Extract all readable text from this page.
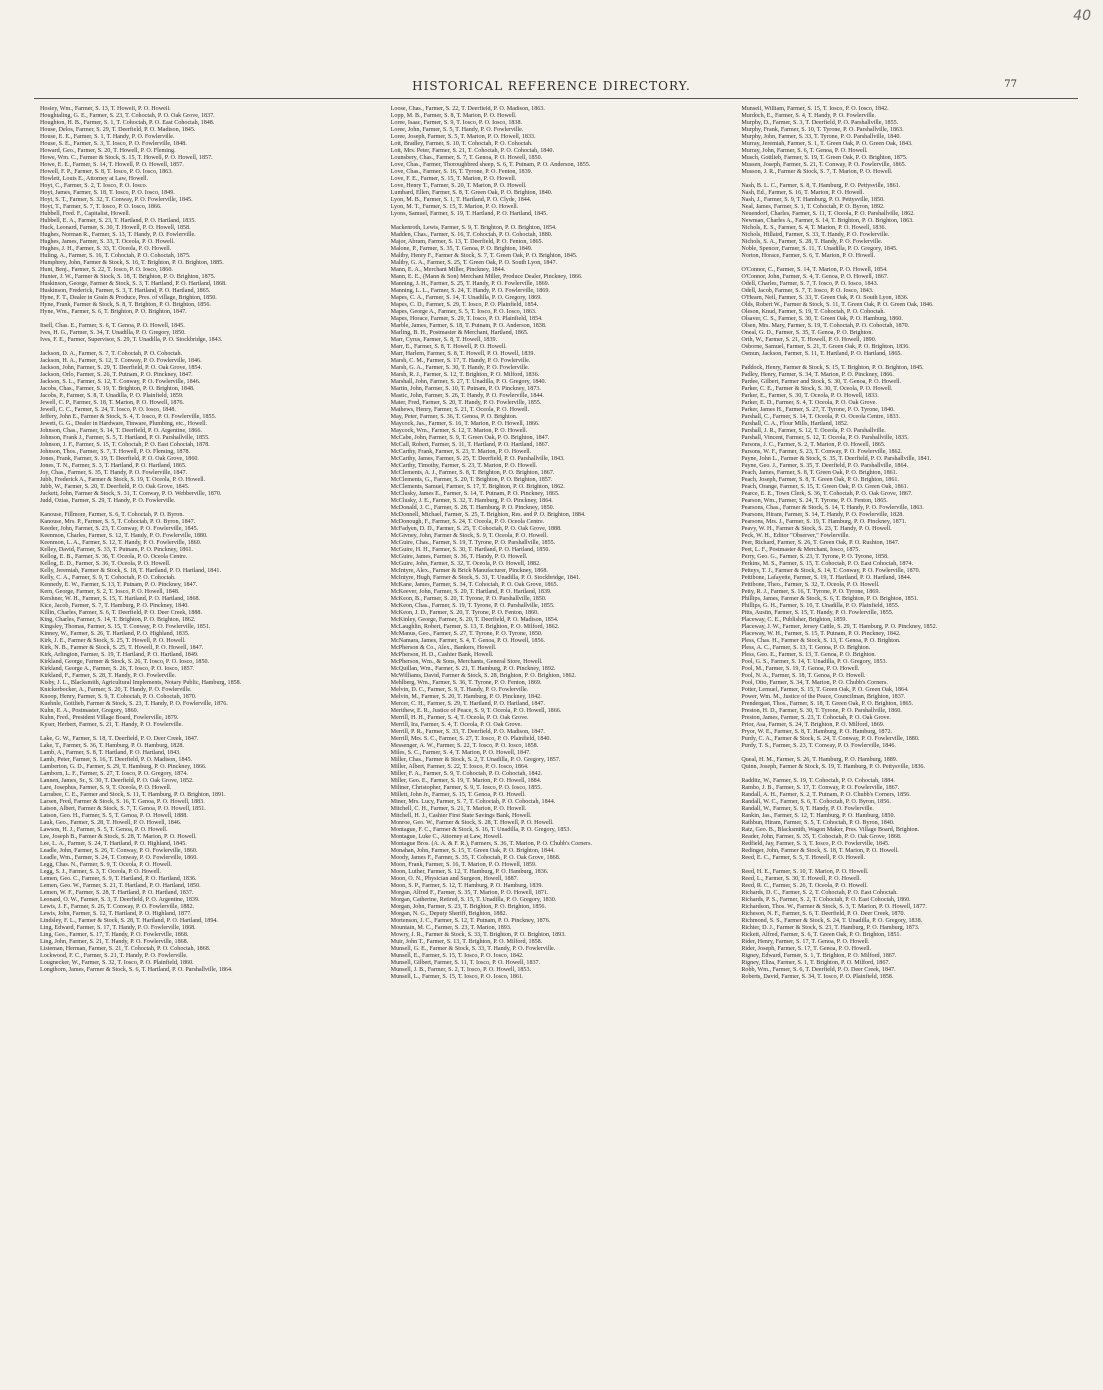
40
HISTORICAL REFERENCE DIRECTORY.	77

Hosley, Wm., Farmer, S. 13, T. Howell, P. O. Howell.

Houghtaling, G. E., Farmer, S. 23, T. Cohoctah, P. O. Oak Grove, 1837.

Houghton, H. B., Farmer, S. 1, T. Cohoctah, P. O. East Cohoctah, 1848.

House, Delos, Farmer, S. 29, T. Deerfield, P. O. Madison, 1845.

House, E. E., Farmer, S. 1, T. Handy, P. O. Fowlerville.

House, S. E., Farmer, S. 3, T. Iosco, P. O. Fowlerville, 1848.

Howard, Geo., Farmer, S. 20, T. Howell, P. O. Fleming.

Howe, Wm. C., Farmer & Stock, S. 15, T. Howell, P. O. Howell, 1857.

Howe, E. E., Farmer, S. 14, T. Howell, P. O. Howell, 1857.

Howell, F. P., Farmer, S. 8, T. Iosco, P. O. Iosco, 1863.

Howlett, Louis E., Attorney at Law, Howell.

Hoyt, C., Farmer, S. 2, T. Iosco, P. O. Iosco.

Hoyt, James, Farmer, S. 18, T. Iosco, P. O. Iosco, 1849.

Hoyt, S. T., Farmer, S. 32, T. Conway, P. O. Fowlerville, 1845.

Hoyt, T., Farmer, S. 7, T. Iosco, P. O. Iosco, 1866.

Hubbell, Fred. F., Capitalist, Howell.

Hubbell, E. A., Farmer, S. 23, T. Hartland, P. O. Hartland, 1835.

Huck, Leonard, Farmer, S. 30, T. Howell, P. O. Howell, 1858.

Hughes, Norman R., Farmer, S. 13, T. Handy, P. O. Fowlerville.

Hughes, James, Farmer, S. 33, T. Oceola, P. O. Howell.

Hughes, J. H., Farmer, S. 33, T. Oceola, P. O. Howell.

Huling, A., Farmer, S. 16, T. Cohoctah, P. O. Cohoctah, 1875.

Humphrey, John, Farmer & Stock, S. 16, T. Brighton, P. O. Brighton, 1885.

Hunt, Benj., Farmer, S. 22, T. Iosco, P. O. Iosco, 1860.

Hunter, J. W., Farmer & Stock, S. 18, T. Brighton, P. O. Brighton, 1875.

Huskinson, George, Farmer & Stock, S. 3, T. Hartland, P. O. Hartland, 1868.

Huskinson, Frederick, Farmer, S. 3, T. Hartland, P. O. Hartland, 1865.

Hyne, F. T., Dealer in Grain & Produce, Pres. of village, Brighton, 1850.

Hyne, Frank, Farmer & Stock, S. 8, T. Brighton, P. O. Brighton, 1856.

Hyne, Wm., Farmer, S. 6, T. Brighton, P. O. Brighton, 1847.

Itsell, Chas. E., Farmer, S. 6, T. Genoa, P. O. Howell, 1845.

Ives, H. G., Farmer, S. 34, T. Unadilla, P. O. Gregory, 1850.

Ives, F. E., Farmer, Supervisor, S. 29, T. Unadilla, P. O. Stockbridge, 1843.

Jackson, D. A., Farmer, S. 7, T. Cohoctah, P. O. Cohoctah.

Jackson, H. A., Farmer, S. 12, T. Conway, P. O. Fowlerville, 1846.

Jackson, John, Farmer, S. 29, T. Deerfield, P. O. Oak Grove, 1854.

Jackson, Orlo, Farmer, S. 26, T. Putnam, P. O. Pinckney, 1847.

Jackson, S. L., Farmer, S. 12, T. Conway, P. O. Fowlerville, 1846.

Jacobs, Chas., Farmer, S. 19, T. Brighton, P. O. Brighton, 1848.

Jacobs, P., Farmer, S. 8, T. Unadilla, P. O. Plainfield, 1859.

Jewell, C. P., Farmer, S. 18, T. Marion, P. O. Howell, 1876.

Jewell, C. C., Farmer, S. 24, T. Iosco, P. O. Iosco, 1848.

Jeffery, John E., Farmer & Stock, S. 4, T. Iosco, P. O. Fowlerville, 1855.

Jewett, G. G., Dealer in Hardware, Tinware, Plumbing, etc., Howell.

Johnson, Chas., Farmer, S. 14, T. Deerfield, P. O. Argentine, 1866.

Johnson, Frank J., Farmer, S. 5, T. Hartland, P. O. Parshallville, 1855.

Johnson, J. F., Farmer, S. 15, T. Cohoctah, P. O. East Cohoctah, 1878.

Johnson, Thos., Farmer, S. 7, T. Howell, P. O. Fleming, 1878.

Jones, Frank, Farmer, S. 19, T. Deerfield, P. O. Oak Grove, 1860.

Jones, T. N., Farmer, S. 3, T. Hartland, P. O. Hartland, 1865.

Joy, Chas., Farmer, S. 35, T. Handy, P. O. Fowlerville, 1847.

Jubb, Frederick A., Farmer & Stock, S. 19, T. Oceola, P. O. Howell.

Jubb, W., Farmer, S. 20, T. Deerfield, P. O. Oak Grove, 1845.

Juckett, John, Farmer & Stock, S. 31, T. Conway, P. O. Webberville, 1870.

Judd, Ozias, Farmer, S. 29, T. Handy, P. O. Fowlerville.

Kanouse, Fillmore, Farmer, S. 6, T. Cohoctah, P. O. Byron.

Kanouse, Mrs. P., Farmer, S. 5, T. Cohoctah, P. O. Byron, 1847.

Keeder, John, Farmer, S. 23, T. Conway, P. O. Fowlerville, 1845.

Keenmon, Charles, Farmer, S. 12, T. Handy, P. O. Fowlerville, 1880.

Keenmon, L. A., Farmer, S. 12, T. Handy, P. O. Fowlerville, 1860.

Kelley, David, Farmer, S. 33, T. Putnam, P. O. Pinckney, 1861.

Kellog, E. B., Farmer, S. 36, T. Oceola, P. O. Oceola Centre.

Kellog, E. D., Farmer, S. 36, T. Oceola, P. O. Howell.

Kelly, Jeremiah, Farmer & Stock, S. 18, T. Hartland, P. O. Hartland, 1841.

Kelly, C. A., Farmer, S. 9, T. Cohoctah, P. O. Cohoctah.

Kennedy, E. W., Farmer, S. 13, T. Putnam, P. O. Pinckney, 1847.

Kern, George, Farmer, S. 2, T. Iosco, P. O. Howell, 1848.

Kershner, W. H., Farmer, S. 15, T. Hartland, P. O. Hartland, 1868.

Kice, Jacob, Farmer, S. 7, T. Hamburg, P. O. Pinckney, 1840.

Killin, Charles, Farmer, S. 6, T. Deerfield, P. O. Deer Creek, 1888.

King, Charles, Farmer, S. 14, T. Brighton, P. O. Brighton, 1862.

Kingsley, Thomas, Farmer, S. 15, T. Conway, P. O. Fowlerville, 1851.

Kinney, W., Farmer, S. 26, T. Hartland, P. O. Highland, 1835.

Kirk, J. E., Farmer & Stock, S. 25, T. Howell, P. O. Howell.

Kirk, N. B., Farmer & Stock, S. 25, T. Howell, P. O. Howell, 1847.

Kirk, Arlington, Farmer, S. 19, T. Hartland, P. O. Hartland, 1849.

Kirkland, George, Farmer & Stock, S. 26, T. Iosco, P. O. Iosco, 1850.

Kirkland, George A., Farmer, S. 26, T. Iosco, P. O. Iosco, 1857.

Kirkland, F., Farmer, S. 28, T. Handy, P. O. Fowlerville.

Kisby, J. L., Blacksmith, Agricultural Implements, Notary Public, Hamburg, 1858.

Knickerbocker, A., Farmer, S. 20, T. Handy, P. O. Fowlerville.

Knoop, Henry, Farmer, S. 9, T. Cohoctah, P. O. Cohoctah, 1870.

Kuehnle, Gottlieb, Farmer & Stock, S. 23, T. Handy, P. O. Fowlerville, 1876.

Kuhn, E. A., Postmaster, Gregory, 1860.

Kuhn, Fred., President Village Board, Fowlerville, 1879.

Kyser, Herbert, Farmer, S. 21, T. Handy, P. O. Fowlerville.

Lake, G. W., Farmer, S. 18, T. Deerfield, P. O. Deer Creek, 1847.

Lake, T., Farmer, S. 36, T. Hamburg, P. O. Hamburg, 1828.

Lamb, A., Farmer, S. 8, T. Hartland, P. O. Hartland, 1843.

Lamb, Peter, Farmer, S. 16, T. Deerfield, P. O. Madison, 1845.

Lamberton, G. D., Farmer, S. 29, T. Hamburg, P. O. Pinckney, 1866.

Lamborn, L. F., Farmer, S. 27, T. Iosco, P. O. Gregory, 1874.

Lannen, James, Sr., S. 30, T. Deerfield, P. O. Oak Grove, 1852.

Lare, Josephus, Farmer, S. 9, T. Oceola, P. O. Howell.

Larrabee, C. E., Farmer and Stock, S. 11, T. Hamburg, P. O. Brighton, 1891.

Larsen, Fred, Farmer & Stock, S. 16, T. Genoa, P. O. Howell, 1883.

Latson, Albert, Farmer & Stock, S. 7, T. Genoa, P. O. Howell, 1851.

Latson, Geo. H., Farmer, S. 5, T. Genoa, P. O. Howell, 1888.

Lauk, Geo., Farmer, S. 28, T. Howell, P. O. Howell, 1846.

Lawson, H. J., Farmer, S. 5, T. Genoa, P. O. Howell.

Lee, Joseph B., Farmer & Stock, S. 28, T. Marion, P. O. Howell.

Lee, L. A., Farmer, S. 24, T. Hartland, P. O. Highland, 1845.

Leadle, John, Farmer, S. 26, T. Conway, P. O. Fowlerville, 1860.

Leadle, Wm., Farmer, S. 24, T. Conway, P. O. Fowlerville, 1860.

Legg, Chas. N., Farmer, S. 9, T. Oceola, P. O. Howell.

Legg, S. J., Farmer, S. 3, T. Oceola, P. O. Howell.

Lemen, Geo. C., Farmer, S. 9, T. Hartland, P. O. Hartland, 1836.

Lemen, Geo. W., Farmer, S. 21, T. Hartland, P. O. Hartland, 1850.

Lemen, W. F., Farmer, S. 28, T. Hartland, P. O. Hartland, 1837.

Leonard, O. W., Farmer, S. 3, T. Deerfield, P. O. Argentine, 1839.

Lewis, J. F., Farmer, S. 26, T. Conway, P. O. Fowlerville, 1882.

Lewis, John, Farmer, S. 12, T. Hartland, P. O. Highland, 1877.

Lindsley, F. L., Farmer & Stock, S. 28, T. Hartland, P. O. Hartland, 1894.

Ling, Edward, Farmer, S. 17, T. Handy, P. O. Fowlerville, 1868.

Ling, Geo., Farmer, S. 17, T. Handy, P. O. Fowlerville, 1868.

Ling, John, Farmer, S. 21, T. Handy, P. O. Fowlerville, 1868.

Listeman, Herman, Farmer, S. 21, T. Cohoctah, P. O. Cohoctah, 1868.

Lockwood, F. C., Farmer, S. 21, T. Handy, P. O. Fowlerville.

Lougnecker, W., Farmer, S. 32, T. Iosco, P. O. Plainfield, 1860.

Longthorn, James, Farmer & Stock, S. 6, T. Hartland, P. O. Parshallville, 1864.

Loose, Chas., Farmer, S. 22, T. Deerfield, P. O. Madison, 1863.

Lopp, M. B., Farmer, S. 8, T. Marion, P. O. Howell.

Loree, Isaac, Farmer, S. 9, T. Iosco, P. O. Iosco, 1838.

Loree, John, Farmer, S. 5, T. Handy, P. O. Fowlerville.

Loree, Joseph, Farmer, S. 5, T. Marion, P. O. Howell, 1833.

Lott, Bradley, Farmer, S. 10, T. Cohoctah, P. O. Cohoctah.

Lott, Mrs. Peter, Farmer, S. 21, T. Cohoctah, P. O. Cohoctah, 1840.

Lounsbery, Chas., Farmer, S. 7, T. Genoa, P. O. Howell, 1850.

Love, Chas., Farmer, Thoroughbred sheep, S. 6, T. Putnam, P. O. Anderson, 1855.

Love, Chas., Farmer, S. 16, T. Tyrone, P. O. Fenton, 1839.

Love, F. E., Farmer, S. 15, T. Marion, P. O. Howell.

Love, Henry T., Farmer, S. 20, T. Marion, P. O. Howell.

Lumbard, Ellen, Farmer, S. 8, T. Green Oak, P. O. Brighton, 1840.

Lyon, M. B., Farmer, S. 1, T. Hartland, P. O. Clyde, 1844.

Lyon, M. T., Farmer, S. 15, T. Marion, P. O. Howell.

Lyons, Samuel, Farmer, S. 19, T. Hartland, P. O. Hartland, 1845.

Mackenroth, Lewis, Farmer, S. 9, T. Brighton, P. O. Brighton, 1854.

Madden, Chas., Farmer, S. 16, T. Cohoctah, P. O. Cohoctah, 1880.

Major, Abram, Farmer, S. 13, T. Deerfield, P. O. Fenton, 1865.

Malone, P., Farmer, S. 35, T. Genoa, P. O. Brighton, 1849.

Maltby, Henry F., Farmer & Stock, S. 7, T. Green Oak, P. O. Brighton, 1845.

Maltby, G. A., Farmer, S. 25, T. Green Oak, P. O. South Lyon, 1847.

Mann, E. A., Merchant Miller, Pinckney, 1844.

Mann, E. E., (Mann & Son) Merchant Miller, Produce Dealer, Pinckney, 1866.

Manning, J. H., Farmer, S. 25, T. Handy, P. O. Fowlerville, 1869.

Manning, L. L., Farmer, S. 24, T. Handy, P. O. Fowlerville, 1869.

Mapes, C. A., Farmer, S. 14, T. Unadilla, P. O. Gregory, 1869.

Mapes, C. D., Farmer, S. 29, T. Iosco, P. O. Plainfield, 1854.

Mapes, George A., Farmer, S. 5, T. Iosco, P. O. Iosco, 1863.

Mapes, Horace, Farmer, S. 29, T. Iosco, P. O. Plainfield, 1854.

Marble, James, Farmer, S. 18, T. Putnam, P. O. Anderson, 1838.

Marling, B. H., Postmaster & Merchant, Hartland, 1865.

Marr, Cyrus, Farmer, S. 8, T. Howell, 1839.

Marr, E., Farmer, S. 8, T. Howell, P. O. Howell.

Marr, Harlem, Farmer, S. 8, T. Howell, P. O. Howell, 1839.

Marsh, C. M., Farmer, S. 17, T. Handy, P. O. Fowlerville.

Marsh, G. A., Farmer, S. 30, T. Handy, P. O. Fowlerville.

Marsh, R. J., Farmer, S. 12, T. Brighton, P. O. Milford, 1836.

Marshall, John, Farmer, S. 27, T. Unadilla, P. O. Gregory, 1840.

Martin, John, Farmer, S. 10, T. Putnam, P. O. Pinckney, 1873.

Mastic, John, Farmer, S. 26, T. Handy, P. O. Fowlerville, 1844.

Mater, Fred, Farmer, S. 20, T. Handy, P. O. Fowlerville, 1855.

Mathews, Henry, Farmer, S. 21, T. Oceola, P. O. Howell.

May, Peter, Farmer, S. 36, T. Genoa, P. O. Brighton.

Maycock, Jas., Farmer, S. 16, T. Marion, P. O. Howell, 1866.

Maycock, Wm., Farmer, S. 12, T. Marion, P. O. Howell.

McCabe, John, Farmer, S. 9, T. Green Oak, P. O. Brighton, 1847.

McCall, Robert, Farmer, S. 11, T. Hartland, P. O. Hartland, 1867.

McCarthy, Frank, Farmer, S. 23, T. Marion, P. O. Howell.

McCarthy, James, Farmer, S. 25, T. Deerfield, P. O. Parshallville, 1843.

McCarthy, Timothy, Farmer, S. 23, T. Marion, P. O. Howell.

McClements, A. J., Farmer, S. 8, T. Brighton, P. O. Brighton, 1867.

McClements, G., Farmer, S. 20, T. Brighton, P. O. Brighton, 1857.

McClements, Samuel, Farmer, S. 17, T. Brighton, P. O. Brighton, 1862.

McClusky, James E., Farmer, S. 14, T. Putnam, P. O. Pinckney, 1865.

McClusky, J. E., Farmer, S. 32, T. Hamburg, P. O. Pinckney, 1864.

McDonald, J. C., Farmer, S. 28, T. Hamburg, P. O. Pinckney, 1850.

McDonnell, Michael, Farmer, S. 25, T. Brighton, Res. and P. O. Brighton, 1884.

McDonough, F., Farmer, S. 24, T. Oceola, P. O. Oceola Centre.

McFadyen, D. D., Farmer, S. 25, T. Cohoctah, P. O. Oak Grove, 1888.

McGivney, John, Farmer & Stock, S. 9, T. Oceola, P. O. Howell.

McGuire, Chas., Farmer, S. 19, T. Tyrone, P. O. Parshallville, 1855.

McGuire, H. H., Farmer, S. 30, T. Hartland, P. O. Hartland, 1850.

McGuire, James, Farmer, S. 36, T. Handy, P. O. Howell.

McGuire, John, Farmer, S. 32, T. Oceola, P. O. Howell, 1882.

McIntyre, Alex., Farmer & Brick Manufacturer, Pinckney, 1868.

McIntyre, Hugh, Farmer & Stock, S. 31, T. Unadilla, P. O. Stockbridge, 1841.

McKane, James, Farmer, S. 34, T. Cohoctah, P. O. Oak Grove, 1865.

McKeever, John, Farmer, S. 20, T. Hartland, P. O. Hartland, 1839.

McKeon, B., Farmer, S. 20, T. Tyrone, P. O. Parshallville, 1850.

McKeon, Chas., Farmer, S. 19, T. Tyrone, P. O. Parshallville, 1855.

McKeon, J. D., Farmer, S. 20, T. Tyrone, P. O. Fenton, 1860.

McKinley, George, Farmer, S. 20, T. Deerfield, P. O. Madison, 1854.

McLaughlin, Robert, Farmer, S. 13, T. Brighton, P. O. Milford, 1862.

McManus, Geo., Farmer, S. 27, T. Tyrone, P. O. Tyrone, 1850.

McNamara, James, Farmer, S. 4, T. Genoa, P. O. Howell, 1856.

McPherson & Co., Alex., Bankers, Howell.

McPherson, H. D., Cashier Bank, Howell.

McPherson, Wm., & Sons, Merchants, General Store, Howell.

McQuillan, Wm., Farmer, S. 21, T. Hamburg, P. O. Pinckney, 1892.

McWilliams, David, Farmer & Stock, S. 28, Brighton, P. O. Brighton, 1862.

Mehlberg, Wm., Farmer, S. 36, T. Tyrone, P. O. Fenton, 1869.

Melvin, D. C., Farmer, S. 9, T. Handy, P. O. Fowlerville.

Melvin, M., Farmer, S. 20, T. Hamburg, P. O. Pinckney, 1842.

Mercer, C. H., Farmer, S. 29, T. Hartland, P. O. Hartland, 1847.

Merithew, E. R., Justice of Peace, S. 9, T. Oceola, P. O. Howell, 1866.

Merrill, H. H., Farmer, S. 4, T. Oceola, P. O. Oak Grove.

Merrill, Ira, Farmer, S. 4, T. Oceola, P. O. Oak Grove.

Merrill, P. R., Farmer, S. 33, T. Deerfield, P. O. Madison, 1847.

Merrill, Mrs. S. C., Farmer, S. 27, T. Iosco, P. O. Plainfield, 1840.

Messenger, A. W., Farmer, S. 22, T. Iosco, P. O. Iosco, 1858.

Miles, S. C., Farmer, S. 4, T. Marion, P. O. Howell, 1847.

Miller, Chas., Farmer & Stock, S. 2, T. Unadilla, P. O. Gregory, 1857.

Miller, Albert, Farmer, S. 22, T. Iosco, P. O. Iosco, 1864.

Miller, F. A., Farmer, S. 9, T. Cohoctah, P. O. Cohoctah, 1842.

Miller, Geo. E., Farmer, S. 19, T. Marion, P. O. Howell, 1884.

Miltner, Christopher, Farmer, S. 9, T. Iosco, P. O. Iosco, 1855.

Millett, John Jr., Farmer, S. 15, T. Genoa, P. O. Howell.

Miner, Mrs. Lucy, Farmer, S. 7, T. Cohoctah, P. O. Cohoctah, 1844.

Mitchell, C. H., Farmer, S. 21, T. Marion, P. O. Howell.

Mitchell, H. J., Cashier First State Savings Bank, Howell.

Monroe, Geo. W., Farmer & Stock, S. 28, T. Howell, P. O. Howell.

Montague, F. C., Farmer & Stock, S. 16, T. Unadilla, P. O. Gregory, 1853.

Montague, Luke C., Attorney at Law, Howell.

Montague Bros. (A. A. & F. R.), Farmers, S. 36, T. Marion, P. O. Chubb's Corners.

Monahan, John, Farmer, S. 15, T. Green Oak, P. O. Brighton, 1844.

Moody, James F., Farmer, S. 35, T. Cohoctah, P. O. Oak Grove, 1868.

Moon, Frank, Farmer, S. 16, T. Marion, P. O. Howell, 1859.

Moon, Luther, Farmer, S. 12, T. Hamburg, P. O. Hamburg, 1836.

Moon, O. N., Physician and Surgeon, Howell, 1887.

Moon, S. P., Farmer, S. 12, T. Hamburg, P. O. Hamburg, 1839.

Morgan, Alfred F., Farmer, S. 35, T. Marion, P. O. Howell, 1871.

Morgan, Catherine, Retired, S. 15, T. Unadilla, P. O. Gregory, 1830.

Morgan, John, Farmer, S. 23, T. Brighton, P. O. Brighton, 1856.

Morgan, N. G., Deputy Sheriff, Brighton, 1882.

Mortenson, J. C., Farmer, S. 12, T. Putnam, P. O. Pinckney, 1876.

Mountain, M. C., Farmer, S. 23, T. Marion, 1893.

Mowry, J. R., Farmer & Stock, S. 33, T. Brighton, P. O. Brighton, 1893.

Muir, John T., Farmer, S. 13, T. Brighton, P. O. Milford, 1858.

Munsell, G. E., Farmer & Stock, S. 33, T. Handy, P. O. Fowlerville.

Munsell, E., Farmer, S. 15, T. Iosco, P. O. Iosco, 1842.

Munsell, Gilbert, Farmer, S. 11, T. Iosco, P. O. Howell, 1837.

Munsell, J. B., Farmer, S. 2, T. Iosco, P. O. Howell, 1853.

Munsell, L., Farmer, S. 15, T. Iosco, P. O. Iosco, 1861.

Munsell, William, Farmer, S. 15, T. Iosco, P. O. Iosco, 1842.

Murdoch, E., Farmer, S. 4, T. Handy, P. O. Fowlerville.

Murphy, D., Farmer, S. 3, T. Deerfield, P. O. Parshallville, 1855.

Murphy, Frank, Farmer, S. 10, T. Tyrone, P. O. Parshallville, 1863.

Murphy, John, Farmer, S. 33, T. Tyrone, P. O. Parshallville, 1840.

Murray, Jeremiah, Farmer, S. 1, T. Green Oak, P. O. Green Oak, 1843.

Murray, John, Farmer, S. 6, T. Genoa, P. O. Howell.

Musch, Gottlieb, Farmer, S. 19, T. Green Oak, P. O. Brighton, 1875.

Mussen, Joseph, Farmer, S. 21, T. Conway, P. O. Fowlerville, 1865.

Musson, J. R., Farmer & Stock, S. 7, T. Marion, P. O. Howell.

Nash, B. L. C., Farmer, S. 8, T. Hamburg, P. O. Pettysville, 1861.

Nash, Ed., Farmer, S. 16, T. Marion, P. O. Howell.

Nash, J., Farmer, S. 9, T. Hamburg, P. O. Pettysville, 1850.

Neal, James, Farmer, S. 1, T. Cohoctah, P. O. Byron, 1892.

Neuendorf, Charles, Farmer, S. 11, T. Oceola, P. O. Parshallville, 1862.

Newman, Charles A., Farmer, S. 14, T. Brighton, P. O. Brighton, 1863.

Nichols, E. S., Farmer, S. 4, T. Marion, P. O. Howell, 1836.

Nichols, Hillaird, Farmer, S. 33, T. Handy, P. O. Fowlerville.

Nichols, S. A., Farmer, S. 28, T. Handy, P. O. Fowlerville.

Noble, Spencer, Farmer, S. 11, T. Unadilla, P. O. Gregory, 1845.

Norton, Horace, Farmer, S. 6, T. Marion, P. O. Howell.

O'Connor, C., Farmer, S. 14, T. Marion, P. O. Howell, 1854.

O'Connor, John, Farmer, S. 4, T. Genoa, P. O. Howell, 1867.

Odell, Charles, Farmer, S. 7, T. Iosco, P. O. Iosco, 1843.

Odell, Jacob, Farmer, S. 7, T. Iosco, P. O. Iosco, 1843.

O'Hearn, Neil, Farmer, S. 33, T. Green Oak, P. O. South Lyon, 1836.

Olds, Robert W., Farmer & Stock, S. 11, T. Green Oak, P. O. Green Oak, 1846.

Oleson, Knud, Farmer, S. 19, T. Cohoctah, P. O. Cohoctah.

Olsaver, C. S., Farmer, S. 30, T. Green Oak, P. O. Hamburg, 1860.

Olsen, Mrs. Mary, Farmer, S. 19, T. Cohoctah, P. O. Cohoctah, 1870.

Oneal, G. D., Farmer, S. 35, T. Genoa, P. O. Brighton.

Orth, W., Farmer, S. 21, T. Howell, P. O. Howell, 1890.

Osborne, Samuel, Farmer, S. 21, T. Green Oak, P. O. Brighton, 1836.

Osmun, Jackson, Farmer, S. 11, T. Hartland, P. O. Hartland, 1865.

Paddock, Henry, Farmer & Stock, S. 15, T. Brighton, P. O. Brighton, 1845.

Padley, Henry, Farmer, S. 34, T. Marion, P. O. Pinckney, 1866.

Pardee, Gilbert, Farmer and Stock, S. 30, T. Genoa, P. O. Howell.

Parker, C. E., Farmer & Stock, S. 30, T. Oceola, P. O. Howell.

Parker, E., Farmer, S. 30, T. Oceola, P. O. Howell, 1833.

Parker, E. D., Farmer, S. 4, T. Oceola, P. O. Oak Grove.

Parker, James H., Farmer, S. 27, T. Tyrone, P. O. Tyrone, 1840.

Parshall, C., Farmer, S. 14, T. Oceola, P. O. Oceola Centre, 1833.

Parshall, C. A., Flour Mills, Hartland, 1852.

Parshall, J. R., Farmer, S. 12, T. Oceola, P. O. Parshallville.

Parshall, Vincent, Farmer, S. 12, T. Oceola, P. O. Parshallville, 1835.

Parsons, J. C., Farmer, S. 2, T. Marion, P. O. Howell, 1865.

Parsons, W. F., Farmer, S. 23, T. Conway, P. O. Fowlerville, 1862.

Payne, John L., Farmer & Stock, S. 35, T. Deerfield, P. O. Parshallville, 1841.

Payne, Geo. J., Farmer, S. 35, T. Deerfield, P. O. Parshallville, 1864.

Peach, James, Farmer, S. 8, T. Green Oak, P. O. Brighton, 1861.

Peach, Joseph, Farmer, S. 8, T. Green Oak, P. O. Brighton, 1861.

Peach, Orange, Farmer, S. 15, T. Green Oak, P. O. Green Oak, 1861.

Pearce, E. E., Town Clerk, S. 36, T. Cohoctah, P. O. Oak Grove, 1867.

Pearson, Wm., Farmer, S. 24, T. Tyrone, P. O. Fenton, 1865.

Pearsons, Chas., Farmer & Stock, S. 14, T. Handy, P. O. Fowlerville, 1863.

Pearsons, Hiram, Farmer, S. 14, T. Handy, P. O. Fowlerville, 1828.

Pearsons, Mrs. J., Farmer, S. 19, T. Hamburg, P. O. Pinckney, 1871.

Peavy, W. H., Farmer & Stock, S. 23, T. Handy, P. O. Howell.

Peck, W. H., Editor "Observer," Fowlerville.

Peer, Richard, Farmer, S. 26, T. Green Oak, P. O. Rushton, 1847.

Peet, L. F., Postmaster & Merchant, Iosco, 1875.

Perry, Geo. G., Farmer, S. 23, T. Tyrone, P. O. Tyrone, 1858.

Perkins, M. S., Farmer, S. 15, T. Cohoctah, P. O. East Cohoctah, 1874.

Petteys, T. J., Farmer & Stock, S. 14, T. Conway, P. O. Fowlerville, 1870.

Pettibone, Lafayette, Farmer, S. 19, T. Hartland, P. O. Hartland, 1844.

Pettibone, Theo., Farmer, S. 32, T. Oceola, P. O. Howell.

Petty, R. J., Farmer, S. 16, T. Tyrone, P. O. Tyrone, 1869.

Phillips, James, Farmer & Stock, S. 6, T. Brighton, P. O. Brighton, 1851.

Phillips, G. H., Farmer, S. 10, T. Unadilla, P. O. Plainfield, 1855.

Pitts, Austin, Farmer, S. 15, T. Handy, P. O. Fowlerville, 1855.

Placeway, C. E., Publisher, Brighton, 1859.

Placeway, J. W., Farmer, Jersey Cattle, S. 29, T. Hamburg, P. O. Pinckney, 1852.

Placeway, W. H., Farmer, S. 15, T. Putnam, P. O. Pinckney, 1842.

Pless, Chas. H., Farmer & Stock, S. 13, T. Genoa, P. O. Brighton.

Pless, A. C., Farmer, S. 13, T. Genoa, P. O. Brighton.

Pless, Geo. E., Farmer, S. 13, T. Genoa, P. O. Brighton.

Pool, G. S., Farmer, S. 14, T. Unadilla, P. O. Gregory, 1853.

Pool, M., Farmer, S. 19, T. Genoa, P. O. Howell.

Pool, N. A., Farmer, S. 18, T. Genoa, P. O. Howell.

Pool, Otto, Farmer, S. 34, T. Marion, P. O. Chubb's Corners.

Potter, Lemuel, Farmer, S. 15, T. Green Oak, P. O. Green Oak, 1864.

Power, Wm. M., Justice of the Peace, Councilman, Brighton, 1837.

Prendergast, Thos., Farmer, S. 18, T. Green Oak, P. O. Brighton, 1865.

Preston, H. D., Farmer, S. 30, T. Tyrone, P. O. Parshallville, 1860.

Preston, James, Farmer, S. 23, T. Cohoctah, P. O. Oak Grove.

Prior, Asa, Farmer, S. 24, T. Brighton, P. O. Milford, 1869.

Pryor, W. E., Farmer, S. 8, T. Hamburg, P. O. Hamburg, 1872.

Purdy, C. A., Farmer & Stock, S. 24, T. Conway, P. O. Fowlerville, 1880.

Purdy, T. S., Farmer, S. 23, T. Conway, P. O. Fowlerville, 1846.

Queal, H. M., Farmer, S. 26, T. Hamburg, P. O. Hamburg, 1889.

Quinn, Joseph, Farmer & Stock, S. 19, T. Hamburg, P. O. Pettysville, 1836.

Radditz, W., Farmer, S. 19, T. Cohoctah, P. O. Cohoctah, 1884.

Rambo, J. B., Farmer, S. 17, T. Conway, P. O. Fowlerville, 1867.

Randall, A. H., Farmer, S. 2, T. Putnam, P. O. Chubb's Corners, 1856.

Randall, W. C., Farmer, S. 6, T. Cohoctah, P. O. Byron, 1856.

Randall, W., Farmer, S. 9, T. Handy, P. O. Fowlerville.

Rankin, Jas., Farmer, S. 12, T. Hamburg, P. O. Hamburg, 1850.

Rathbun, Hiram, Farmer, S. 5, T. Cohoctah, P. O. Byron, 1840.

Ratz, Geo. B., Blacksmith, Wagon Maker, Pres. Village Board, Brighton.

Reader, John, Farmer, S. 35, T. Cohoctah, P. O. Oak Grove, 1868.

Redfield, Jay, Farmer, S. 3, T. Iosco, P. O. Fowlerville, 1845.

Redinger, John, Farmer & Stock, S. 18, T. Marion, P. O. Howell.

Reed, E. C., Farmer, S. 5, T. Howell, P. O. Howell.

Reed, H. E., Farmer, S. 10, T. Marion, P. O. Howell.

Reed, L., Farmer, S. 30, T. Howell, P. O. Howell.

Reed, R. C., Farmer, S. 26, T. Oceola, P. O. Howell.

Richards, D. C., Farmer, S. 2, T. Cohoctah, P. O. East Cohoctah.

Richards, P. S., Farmer, S. 2, T. Cohoctah, P. O. East Cohoctah, 1860.

Richardson, Thos. W., Farmer & Stock, S. 3, T. Marion, P. O. Howell, 1877.

Richeson, N. F., Farmer, S. 6, T. Deerfield, P. O. Deer Creek, 1870.

Richmond, S. S., Farmer & Stock, S. 24, T. Unadilla, P. O. Gregory, 1838.

Richter, D. J., Farmer & Stock, S. 23, T. Hamburg, P. O. Hamburg, 1873.

Rickett, Alfred, Farmer, S. 6, T. Green Oak, P. O. Brighton, 1851.

Rider, Henry, Farmer, S. 17, T. Genoa, P. O. Howell.

Rider, Joseph, Farmer, S. 17, T. Genoa, P. O. Howell.

Rigney, Edward, Farmer, S. 1, T. Brighton, P. O. Milford, 1867.

Rigney, Eliza, Farmer, S. 1, T. Brighton, P. O. Milford, 1867.

Robb, Wm., Farmer, S. 6, T. Deerfield, P. O. Deer Creek, 1847.

Roberts, David, Farmer, S. 34, T. Iosco, P. O. Plainfield, 1858.
